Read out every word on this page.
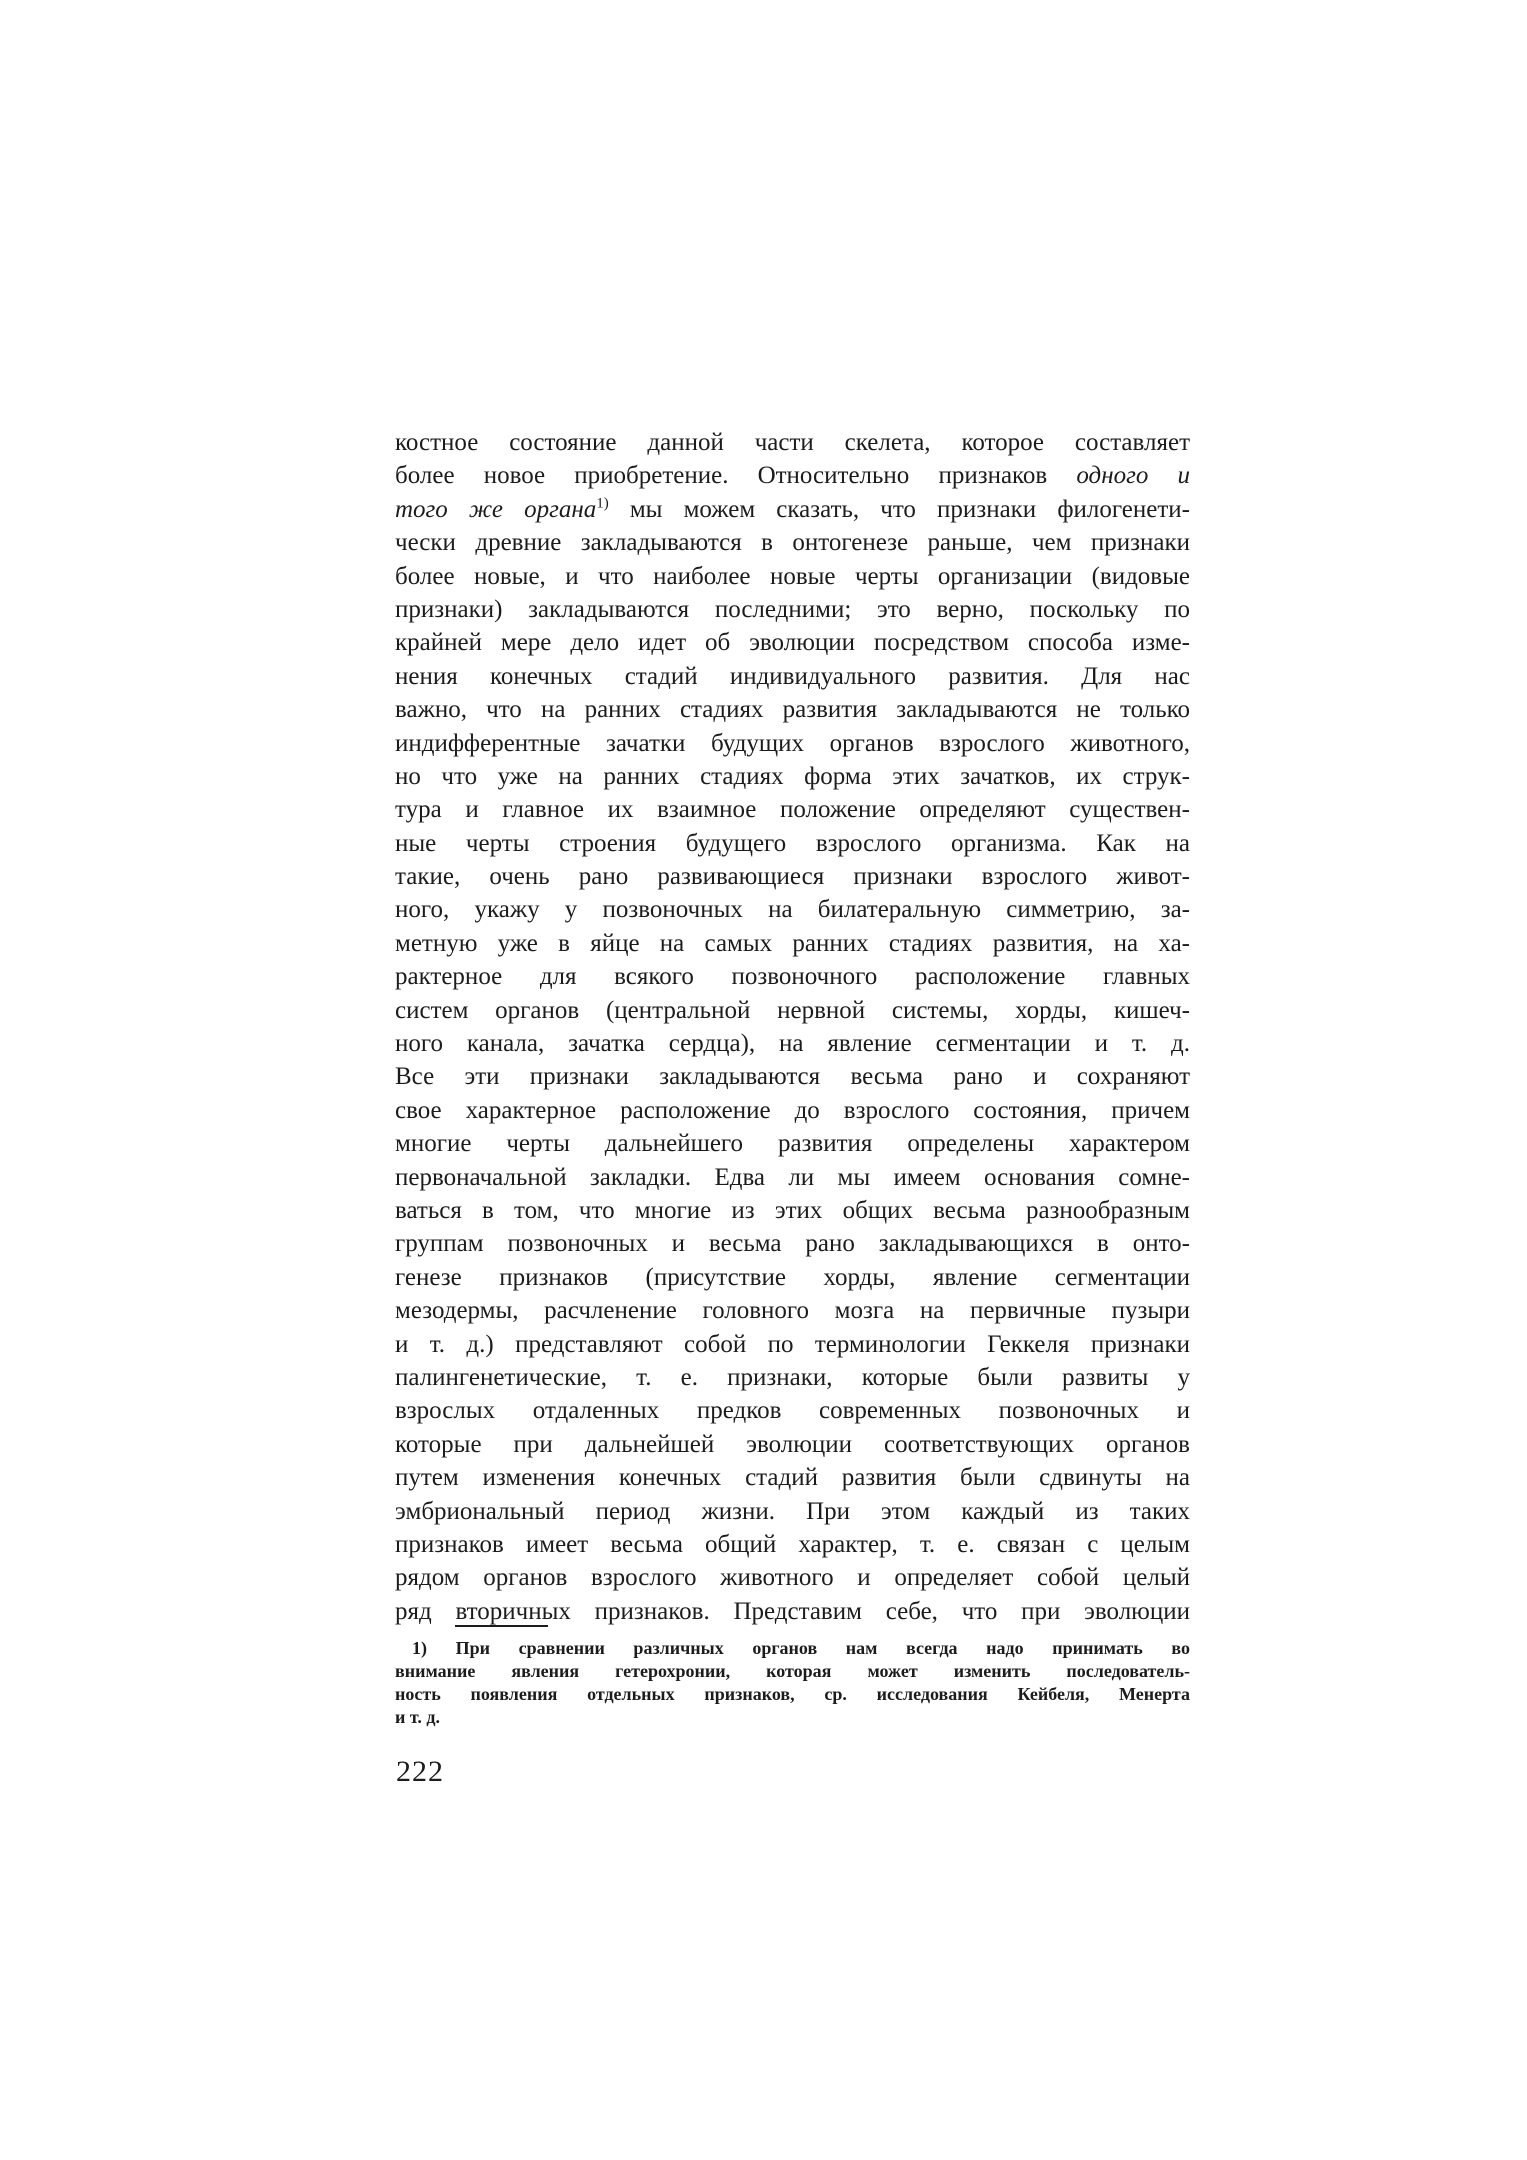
костное состояние данной части скелета, которое составляет
более новое приобретение. Относительно признаков одного и
того же органа$^{1)}$ мы можем сказать, что признаки филогенети-
чески древние закладываются в онтогенезе раньше, чем признаки
более новые, и что наиболее новые черты организации (видовые
признаки) закладываются последними; это верно, поскольку по
крайней мере дело идет об эволюции посредством способа изме-
нения конечных стадий индивидуального развития. Для нас
важно, что на ранних стадиях развития закладываются не только
индифферентные зачатки будущих органов взрослого животного,
но что уже на ранних стадиях форма этих зачатков, их струк-
тура и главное их взаимное положение определяют существен-
ные черты строения будущего взрослого организма. Как на
такие, очень рано развивающиеся признаки взрослого живот-
ного, укажу у позвоночных на билатеральную симметрию, за-
метную уже в яйце на самых ранних стадиях развития, на ха-
рактерное для всякого позвоночного расположение главных
систем органов (центральной нервной системы, хорды, кишеч-
ного канала, зачатка сердца), на явление сегментации и т. д.
Все эти признаки закладываются весьма рано и сохраняют
свое характерное расположение до взрослого состояния, причем
многие черты дальнейшего развития определены характером
первоначальной закладки. Едва ли мы имеем основания сомне-
ваться в том, что многие из этих общих весьма разнообразным
группам позвоночных и весьма рано закладывающихся в онто-
генезе признаков (присутствие хорды, явление сегментации
мезодермы, расчленение головного мозга на первичные пузыри
и т. д.) представляют собой по терминологии Геккеля признаки
палингенетические, т. е. признаки, которые были развиты у
взрослых отдаленных предков современных позвоночных и
которые при дальнейшей эволюции соответствующих органов
путем изменения конечных стадий развития были сдвинуты на
эмбриональный период жизни. При этом каждый из таких
признаков имеет весьма общий характер, т. е. связан с целым
рядом органов взрослого животного и определяет собой целый
ряд вторичных признаков. Представим себе, что при эволюции
1) При сравнении различных органов нам всегда надо принимать во
внимание явления гетерохронии, которая может изменить последователь-
ность появления отдельных признаков, ср. исследования Кейбеля, Менерта
и т. д.
222
